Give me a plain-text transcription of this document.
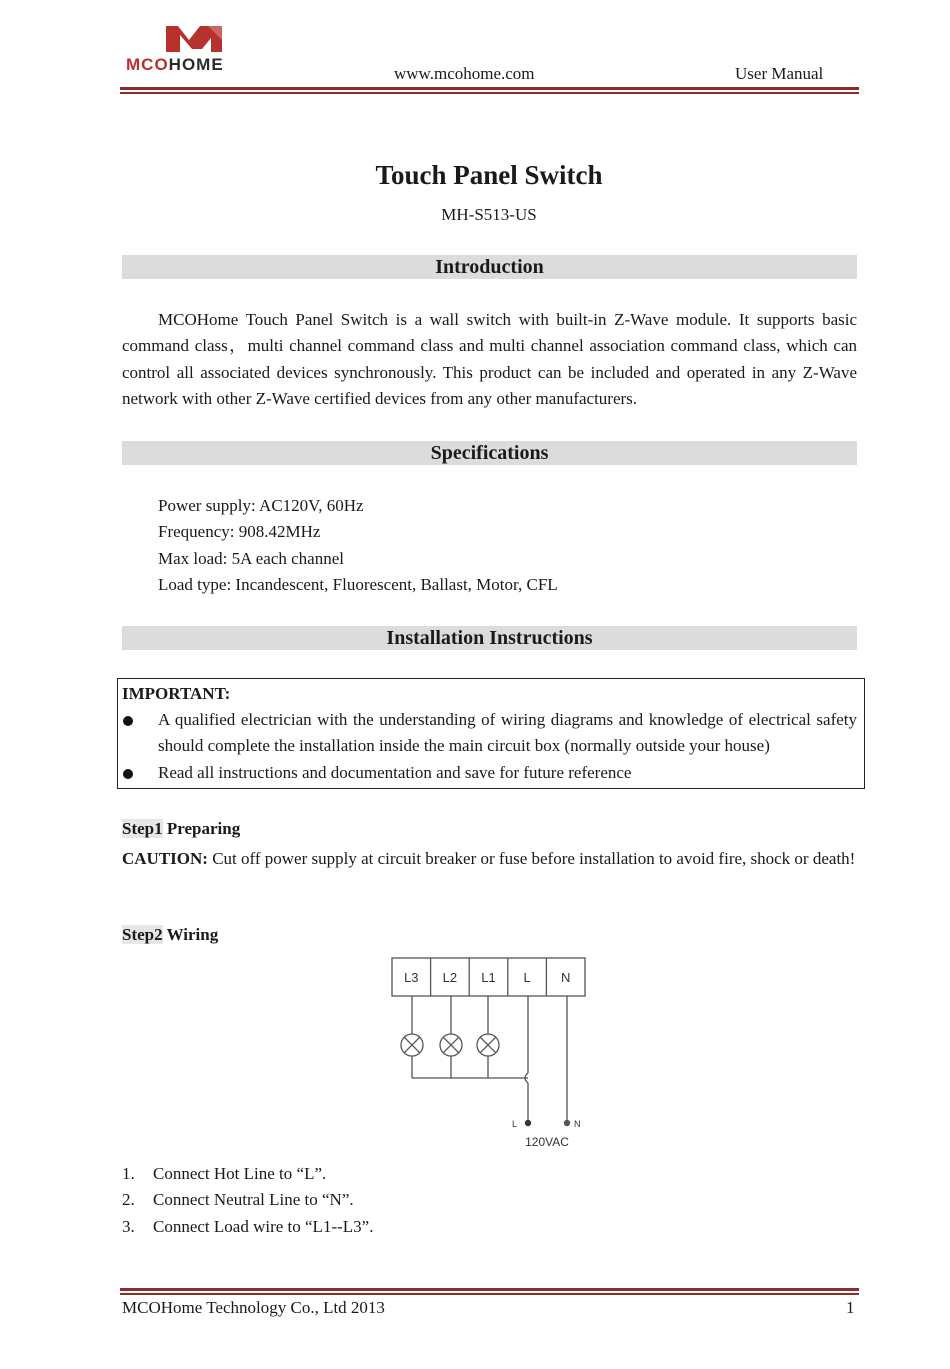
MCOHOME	www.mcohome.com	User Manual
Touch Panel Switch
MH-S513-US
Introduction
MCOHome Touch Panel Switch is a wall switch with built-in Z-Wave module. It supports basic command class，multi channel command class and multi channel association command class, which can control all associated devices synchronously. This product can be included and operated in any Z-Wave network with other Z-Wave certified devices from any other manufacturers.
Specifications
Power supply: AC120V, 60Hz
Frequency: 908.42MHz
Max load: 5A each channel
Load type: Incandescent, Fluorescent, Ballast, Motor, CFL
Installation Instructions
IMPORTANT:
A qualified electrician with the understanding of wiring diagrams and knowledge of electrical safety should complete the installation inside the main circuit box (normally outside your house)
Read all instructions and documentation and save for future reference
Step1 Preparing
CAUTION: Cut off power supply at circuit breaker or fuse before installation to avoid fire, shock or death!
Step2 Wiring
L3 L2 L1 L N
L	N
120VAC
1. Connect Hot Line to “L”.
2. Connect Neutral Line to “N”.
3. Connect Load wire to “L1--L3”.
MCOHome Technology Co., Ltd 2013	1
